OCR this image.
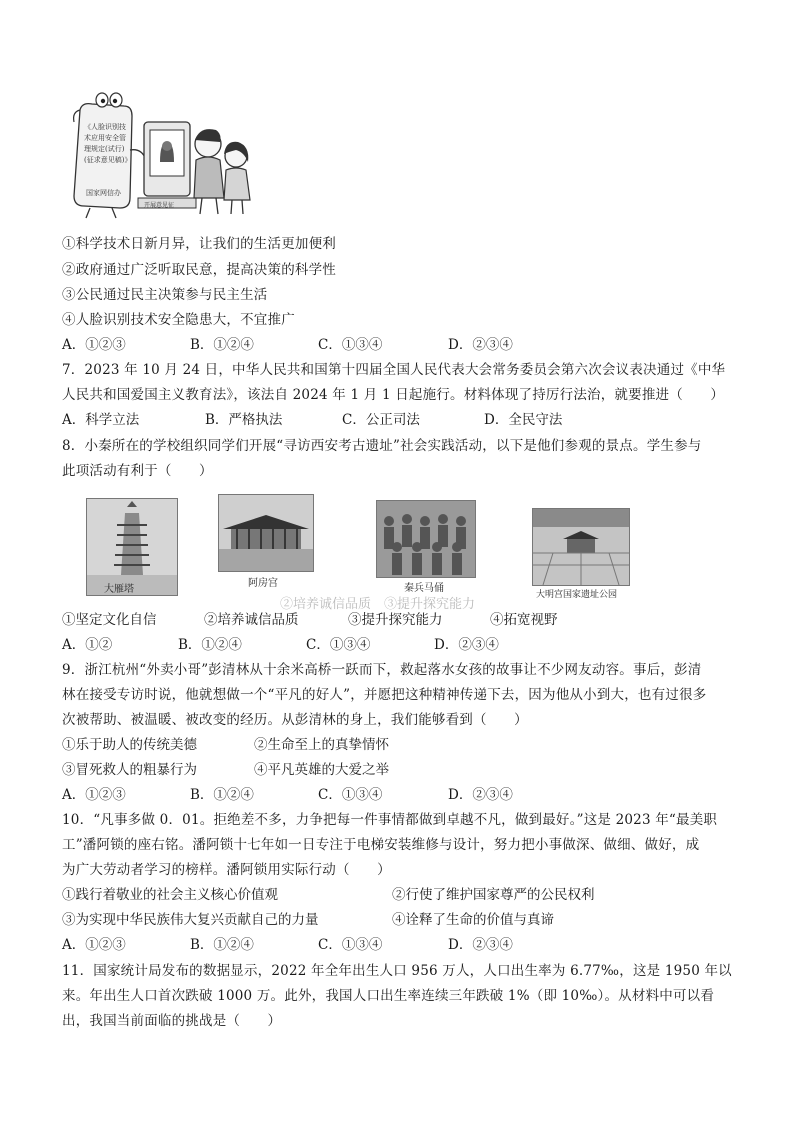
《人脸识别技
术应用安全管
理规定(试行)
(征求意见稿)》
国家网信办
开展意见征
①科学技术日新月异，让我们的生活更加便利
②政府通过广泛听取民意，提高决策的科学性
③公民通过民主决策参与民主生活
④人脸识别技术安全隐患大，不宜推广
A．①②③	B．①②④	C．①③④	D．②③④
7．2023 年 10 月 24 日，中华人民共和国第十四届全国人民代表大会常务委员会第六次会议表决通过《中华
人民共和国爱国主义教育法》，该法自 2024 年 1 月 1 日起施行。材料体现了持厉行法治，就要推进（　　）
A．科学立法	B．严格执法	C．公正司法	D．全民守法
8．小秦所在的学校组织同学们开展“寻访西安考古遗址”社会实践活动，以下是他们参观的景点。学生参与
此项活动有利于（　　）
大雁塔
阿房宫	秦兵马俑
大明宫国家遗址公园
②培养诚信品质　③提升探究能力
①坚定文化自信	②培养诚信品质	③提升探究能力	④拓宽视野
A．①②	B．①②④	C．①③④	D．②③④
9．浙江杭州“外卖小哥”彭清林从十余米高桥一跃而下，救起落水女孩的故事让不少网友动容。事后，彭清
林在接受专访时说，他就想做一个“平凡的好人”，并愿把这种精神传递下去，因为他从小到大，也有过很多
次被帮助、被温暖、被改变的经历。从彭清林的身上，我们能够看到（　　）
①乐于助人的传统美德	②生命至上的真挚情怀
③冒死救人的粗暴行为	④平凡英雄的大爱之举
A．①②③	B．①②④	C．①③④	D．②③④
10．“凡事多做 0．01。拒绝差不多，力争把每一件事情都做到卓越不凡，做到最好。”这是 2023 年“最美职
工”潘阿锁的座右铭。潘阿锁十七年如一日专注于电梯安装维修与设计，努力把小事做深、做细、做好，成
为广大劳动者学习的榜样。潘阿锁用实际行动（　　）
①践行着敬业的社会主义核心价值观	②行使了维护国家尊严的公民权利
③为实现中华民族伟大复兴贡献自己的力量	④诠释了生命的价值与真谛
A．①②③	B．①②④	C．①③④	D．②③④
11．国家统计局发布的数据显示，2022 年全年出生人口 956 万人，人口出生率为 6.77‰，这是 1950 年以
来。年出生人口首次跌破 1000 万。此外，我国人口出生率连续三年跌破 1%（即 10‰）。从材料中可以看
出，我国当前面临的挑战是（　　）
